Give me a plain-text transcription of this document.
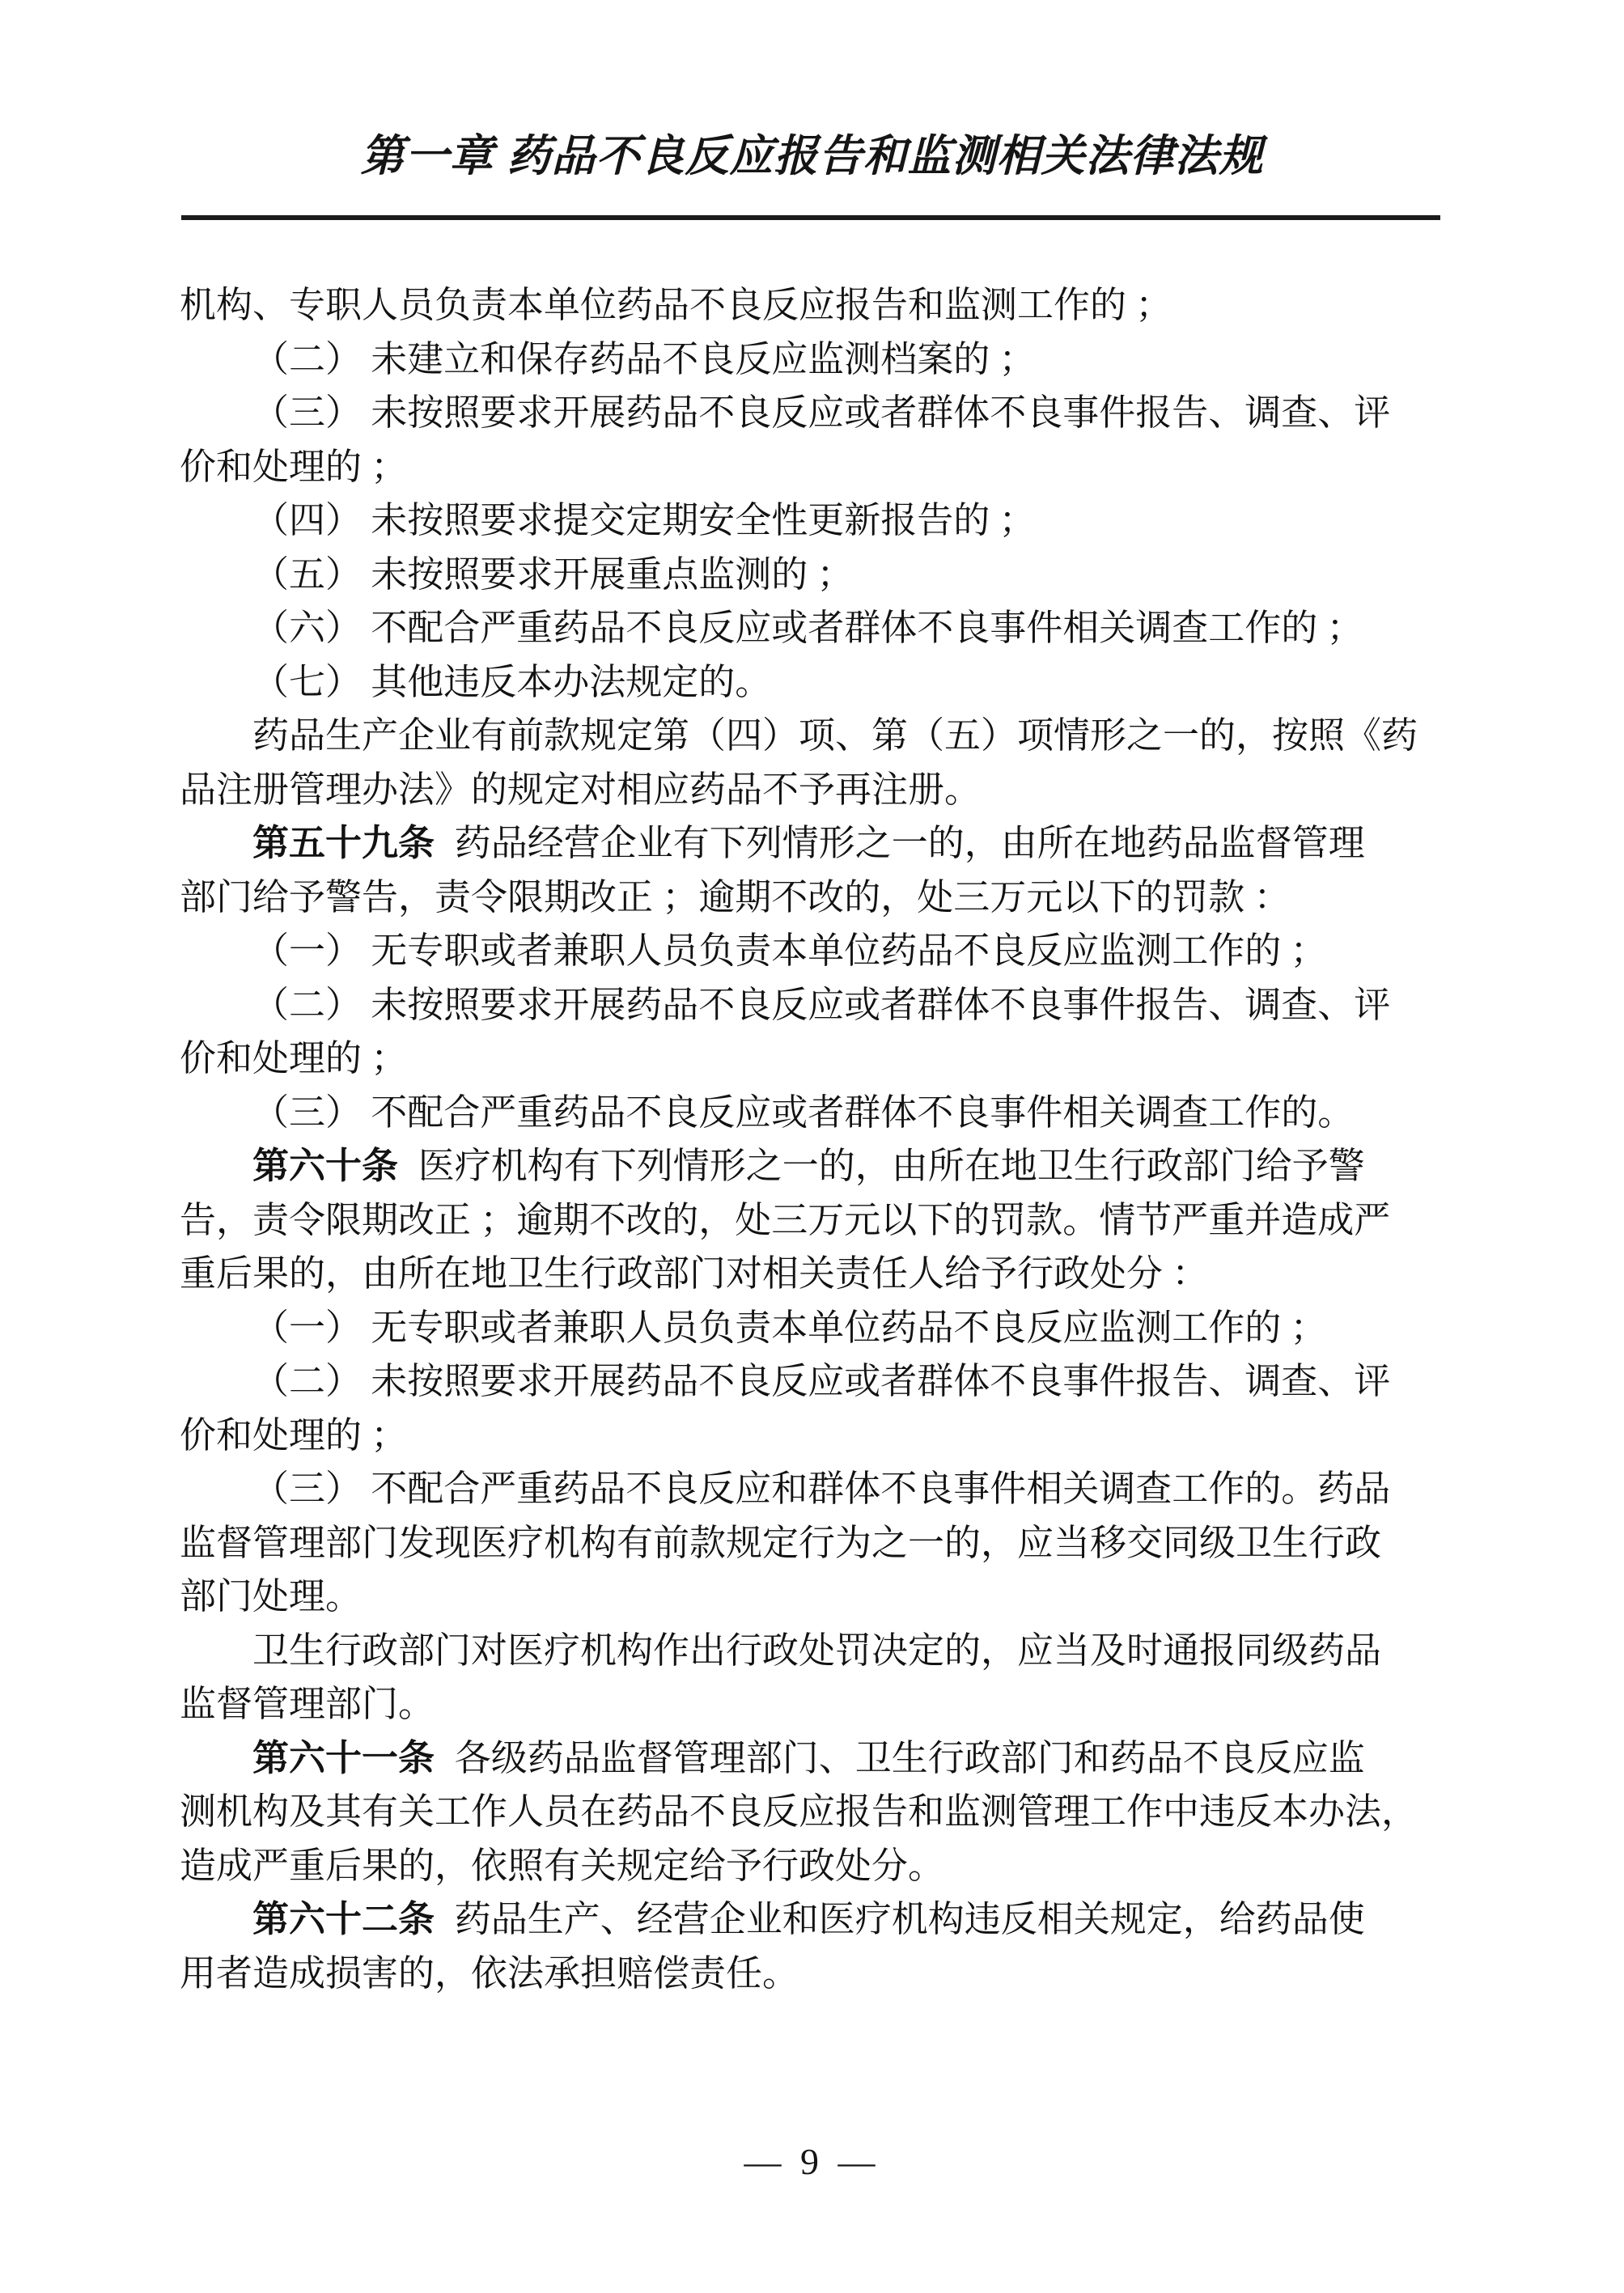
第一章 药品不良反应报告和监测相关法律法规

机构、专职人员负责本单位药品不良反应报告和监测工作的 ；

（二） 未建立和保存药品不良反应监测档案的 ；

（三） 未按照要求开展药品不良反应或者群体不良事件报告、调查、评

价和处理的 ；

（四） 未按照要求提交定期安全性更新报告的 ；

（五） 未按照要求开展重点监测的 ；

（六） 不配合严重药品不良反应或者群体不良事件相关调查工作的 ；

（七） 其他违反本办法规定的。

药品生产企业有前款规定第（四）项、第（五）项情形之一的，按照《药

品注册管理办法》的规定对相应药品不予再注册。

第五十九条 药品经营企业有下列情形之一的，由所在地药品监督管理

部门给予警告，责令限期改正 ；逾期不改的，处三万元以下的罚款 ：

（一） 无专职或者兼职人员负责本单位药品不良反应监测工作的 ；

（二） 未按照要求开展药品不良反应或者群体不良事件报告、调查、评

价和处理的 ；

（三） 不配合严重药品不良反应或者群体不良事件相关调查工作的。

第六十条 医疗机构有下列情形之一的，由所在地卫生行政部门给予警

告，责令限期改正 ；逾期不改的，处三万元以下的罚款。情节严重并造成严

重后果的，由所在地卫生行政部门对相关责任人给予行政处分 ：

（一） 无专职或者兼职人员负责本单位药品不良反应监测工作的 ；

（二） 未按照要求开展药品不良反应或者群体不良事件报告、调查、评

价和处理的 ；

（三） 不配合严重药品不良反应和群体不良事件相关调查工作的。药品

监督管理部门发现医疗机构有前款规定行为之一的，应当移交同级卫生行政

部门处理。

卫生行政部门对医疗机构作出行政处罚决定的，应当及时通报同级药品

监督管理部门。

第六十一条 各级药品监督管理部门、卫生行政部门和药品不良反应监

测机构及其有关工作人员在药品不良反应报告和监测管理工作中违反本办法，

造成严重后果的，依照有关规定给予行政处分。

第六十二条 药品生产、经营企业和医疗机构违反相关规定，给药品使

用者造成损害的，依法承担赔偿责任。

— 9 —
